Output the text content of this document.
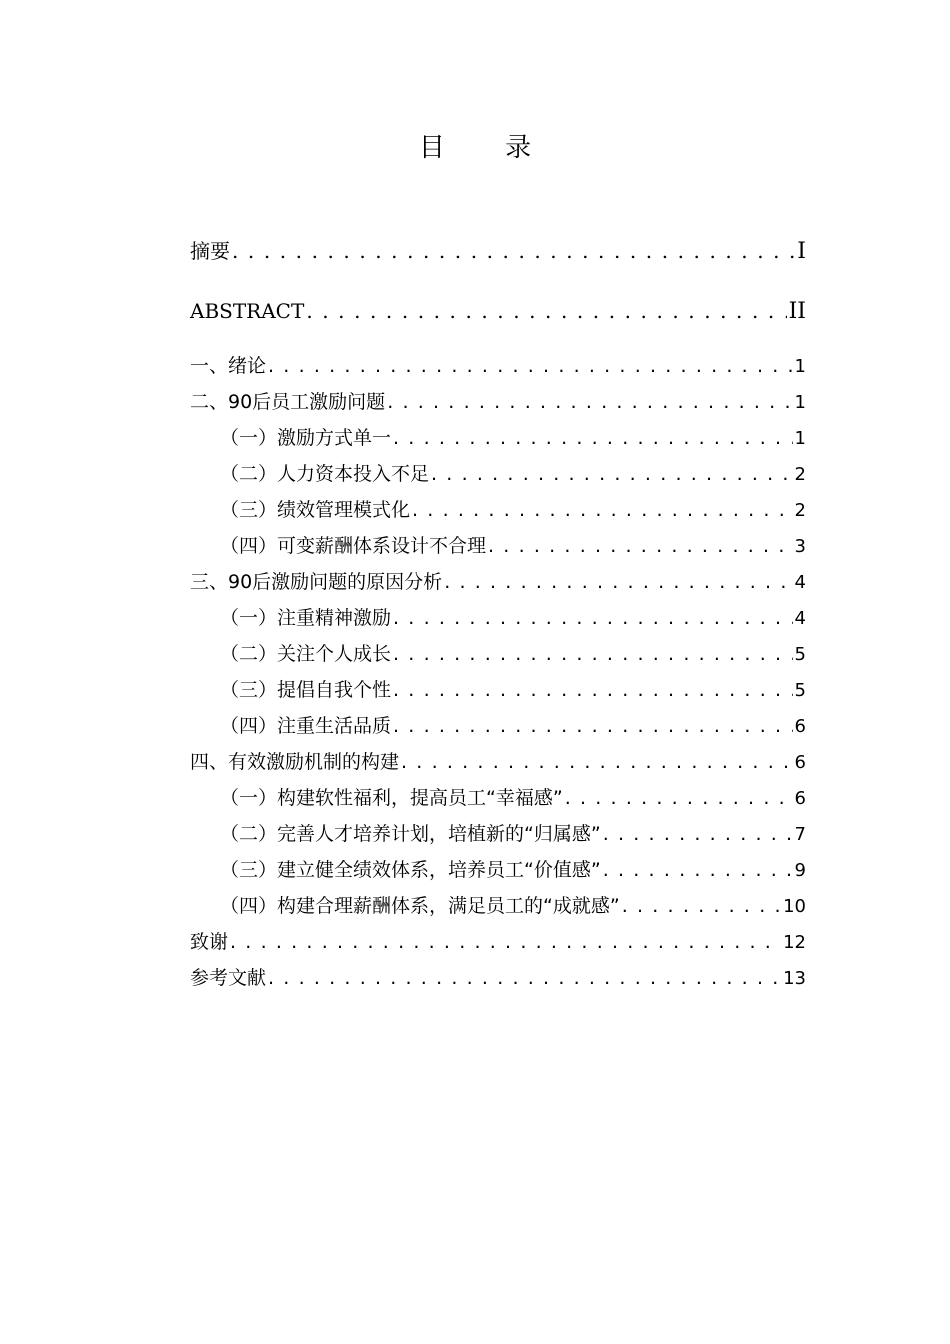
目 录
摘要 . . .	I
ABSTRACT . . .	II
一、绪论 . . .	1
二、90后员工激励问题 . . .	1
（一）激励方式单一 . . .	1
（二）人力资本投入不足 . . .	2
（三）绩效管理模式化 . . .	2
（四）可变薪酬体系设计不合理 . . .	3
三、90后激励问题的原因分析 . . .	4
（一）注重精神激励 . . .	4
（二）关注个人成长 . . .	5
（三）提倡自我个性 . . .	5
（四）注重生活品质 . . .	6
四、有效激励机制的构建 . . .	6
（一）构建软性福利，提高员工“幸福感” . . .	6
（二）完善人才培养计划，培植新的“归属感” . . .	7
（三）建立健全绩效体系，培养员工“价值感” . . .	9
（四）构建合理薪酬体系，满足员工的“成就感” . . .	10
致谢 . . .	12
参考文献 . . .	13
